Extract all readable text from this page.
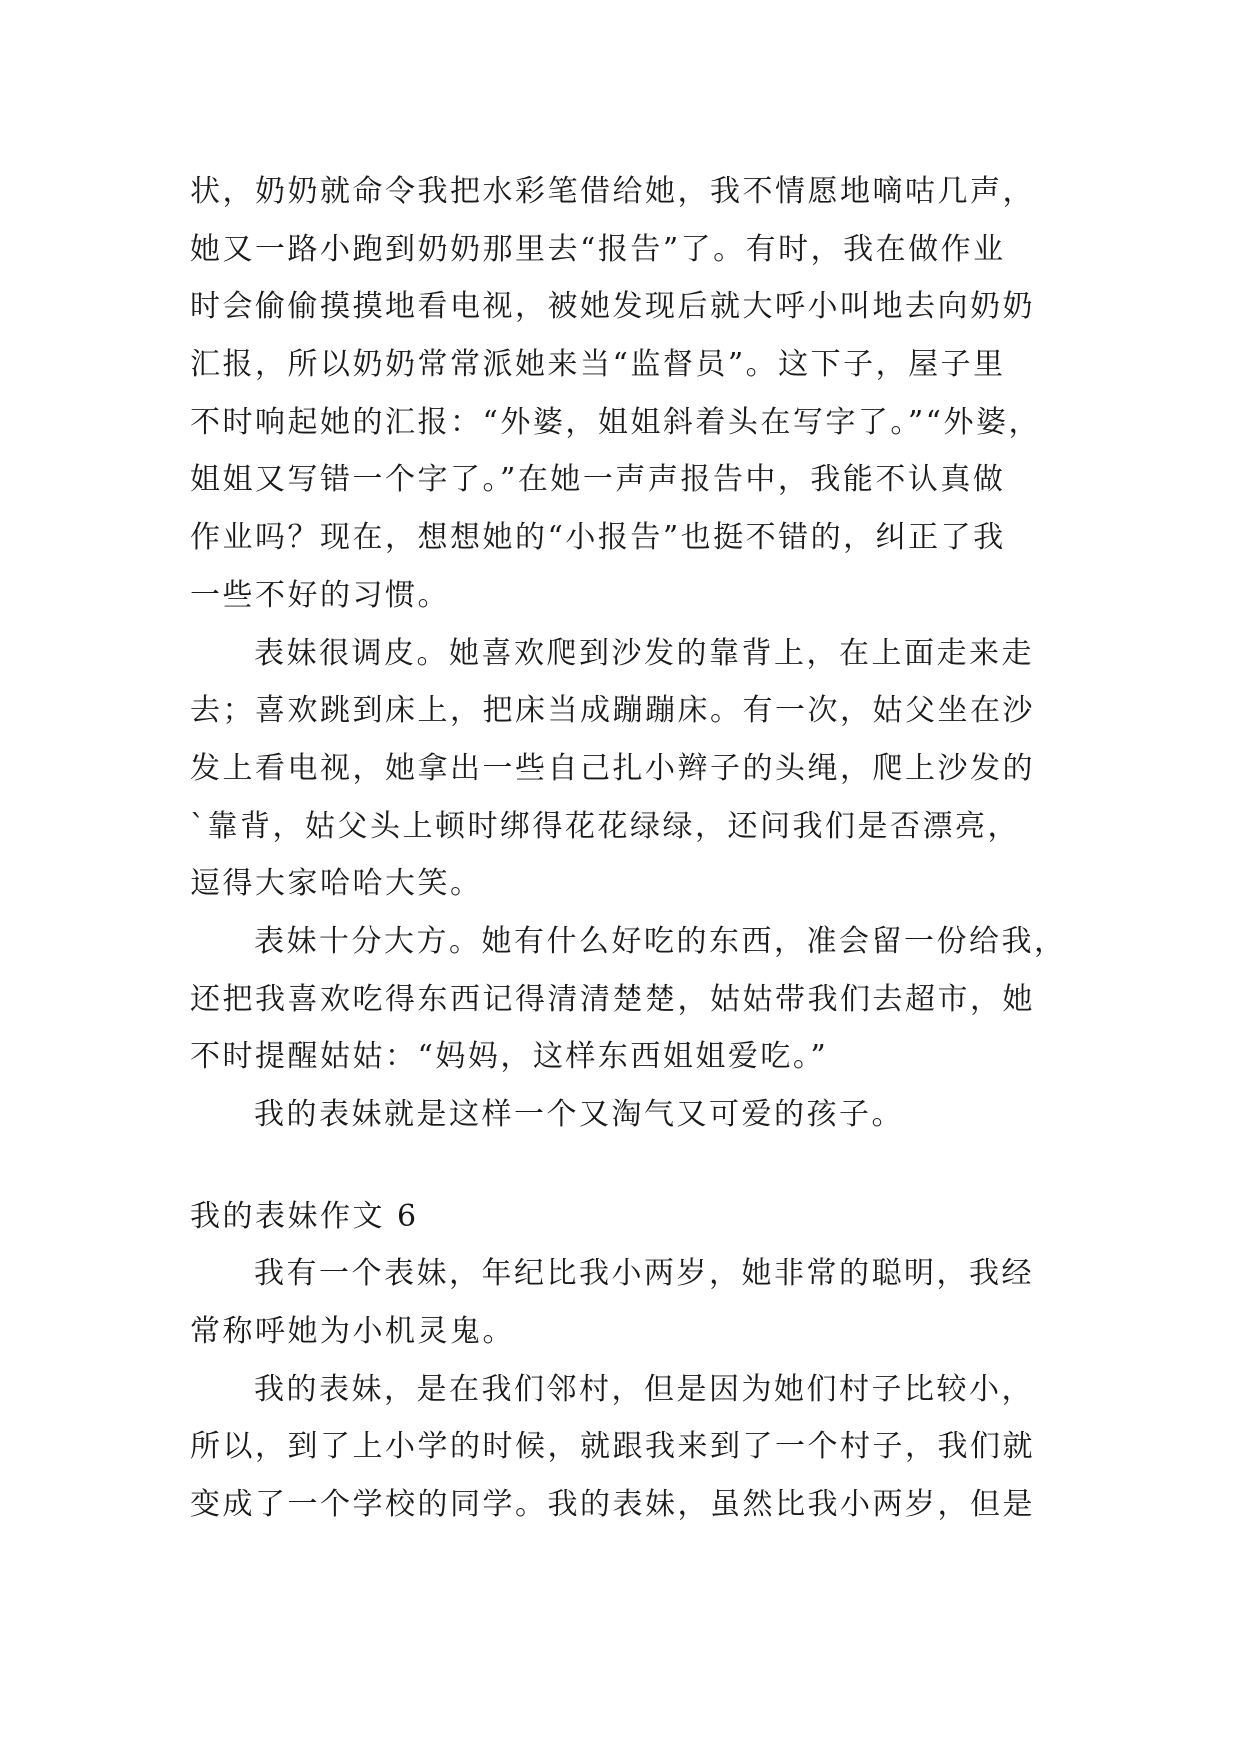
状，奶奶就命令我把水彩笔借给她，我不情愿地嘀咕几声，
她又一路小跑到奶奶那里去“报告”了。有时，我在做作业
时会偷偷摸摸地看电视，被她发现后就大呼小叫地去向奶奶
汇报，所以奶奶常常派她来当“监督员”。这下子，屋子里
不时响起她的汇报：“外婆，姐姐斜着头在写字了。”“外婆，
姐姐又写错一个字了。”在她一声声报告中，我能不认真做
作业吗？现在，想想她的“小报告”也挺不错的，纠正了我
一些不好的习惯。
表妹很调皮。她喜欢爬到沙发的靠背上，在上面走来走
去；喜欢跳到床上，把床当成蹦蹦床。有一次，姑父坐在沙
发上看电视，她拿出一些自己扎小辫子的头绳，爬上沙发的
`靠背，姑父头上顿时绑得花花绿绿，还问我们是否漂亮，
逗得大家哈哈大笑。
表妹十分大方。她有什么好吃的东西，准会留一份给我，
还把我喜欢吃得东西记得清清楚楚，姑姑带我们去超市，她
不时提醒姑姑：“妈妈，这样东西姐姐爱吃。”
我的表妹就是这样一个又淘气又可爱的孩子。
我的表妹作文 6
我有一个表妹，年纪比我小两岁，她非常的聪明，我经
常称呼她为小机灵鬼。
我的表妹，是在我们邻村，但是因为她们村子比较小，
所以，到了上小学的时候，就跟我来到了一个村子，我们就
变成了一个学校的同学。我的表妹，虽然比我小两岁，但是
